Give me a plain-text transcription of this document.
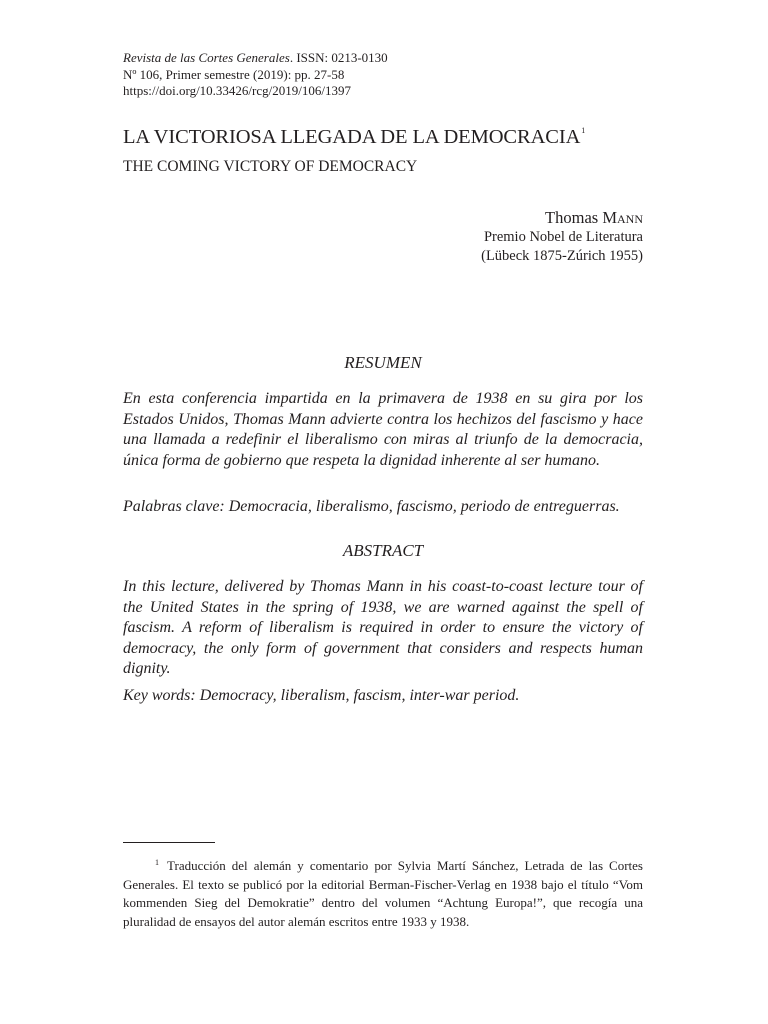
Revista de las Cortes Generales. ISSN: 0213-0130
Nº 106, Primer semestre (2019): pp. 27-58
https://doi.org/10.33426/rcg/2019/106/1397
LA VICTORIOSA LLEGADA DE LA DEMOCRACIA$^1$
THE COMING VICTORY OF DEMOCRACY
Thomas Mann
Premio Nobel de Literatura
(Lübeck 1875-Zúrich 1955)
RESUMEN
En esta conferencia impartida en la primavera de 1938 en su gira por los Estados Unidos, Thomas Mann advierte contra los hechizos del fascismo y hace una llamada a redefinir el liberalismo con miras al triunfo de la democracia, única forma de gobierno que respeta la dignidad inherente al ser humano.
Palabras clave: Democracia, liberalismo, fascismo, periodo de entreguerras.
ABSTRACT
In this lecture, delivered by Thomas Mann in his coast-to-coast lecture tour of the United States in the spring of 1938, we are warned against the spell of fascism. A reform of liberalism is required in order to ensure the victory of democracy, the only form of government that considers and respects human dignity.
Key words: Democracy, liberalism, fascism, inter-war period.
$^1$ Traducción del alemán y comentario por Sylvia Martí Sánchez, Letrada de las Cortes Generales. El texto se publicó por la editorial Berman-Fischer-Verlag en 1938 bajo el título “Vom kommenden Sieg del Demokratie” dentro del volumen “Achtung Europa!”, que recogía una pluralidad de ensayos del autor alemán escritos entre 1933 y 1938.
